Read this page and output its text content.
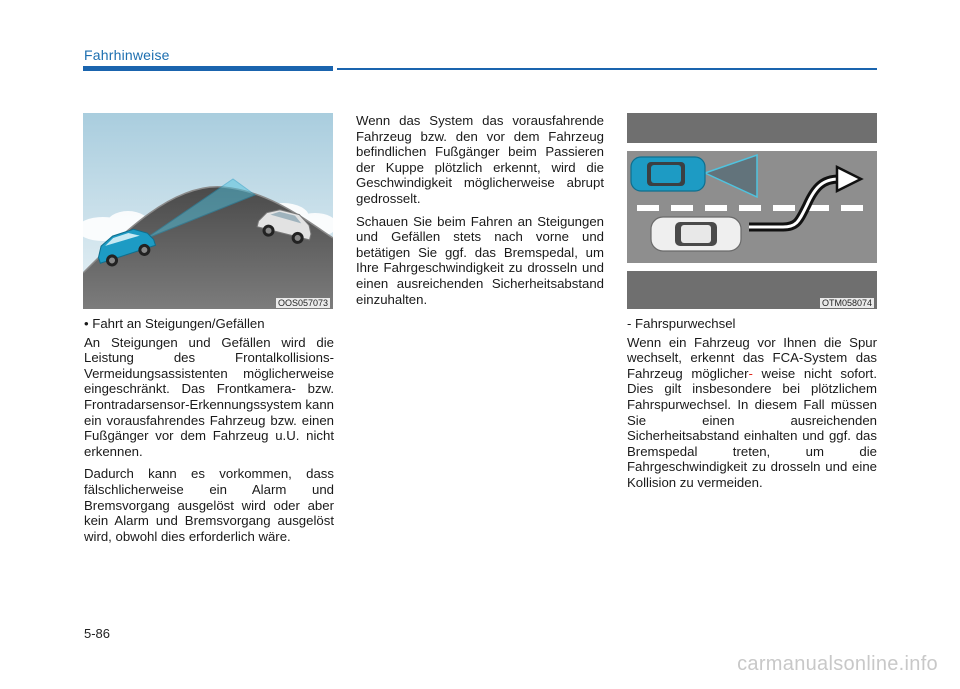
Fahrhinweise
OOS057073	OTM058074

• Fahrt an Steigungen/Gefällen

An Steigungen und Gefällen wird die Leistung des Frontalkollisions-Vermeidungsassistenten möglicherweise eingeschränkt. Das Frontkamera- bzw. Frontradarsensor-Erkennungssystem kann ein vorausfahrendes Fahrzeug bzw. einen Fußgänger vor dem Fahrzeug u.U. nicht erkennen.

Dadurch kann es vorkommen, dass fälschlicherweise ein Alarm und Bremsvorgang ausgelöst wird oder aber kein Alarm und Bremsvorgang ausgelöst wird, obwohl dies erforderlich wäre.

Wenn das System das vorausfahrende Fahrzeug bzw. den vor dem Fahrzeug befindlichen Fußgänger beim Passieren der Kuppe plötzlich erkennt, wird die Geschwindigkeit möglicherweise abrupt gedrosselt.

Schauen Sie beim Fahren an Steigungen und Gefällen stets nach vorne und betätigen Sie ggf. das Bremspedal, um Ihre Fahrgeschwindigkeit zu drosseln und einen ausreichenden Sicherheitsabstand einzuhalten.

- Fahrspurwechsel

Wenn ein Fahrzeug vor Ihnen die Spur wechselt, erkennt das FCA-System das Fahrzeug möglicher- weise nicht sofort. Dies gilt insbesondere bei plötzlichem Fahrspurwechsel. In diesem Fall müssen Sie einen ausreichenden Sicherheitsabstand einhalten und ggf. das Bremspedal treten, um die Fahrgeschwindigkeit zu drosseln und eine Kollision zu vermeiden.

5-86
carmanualsonline.info
